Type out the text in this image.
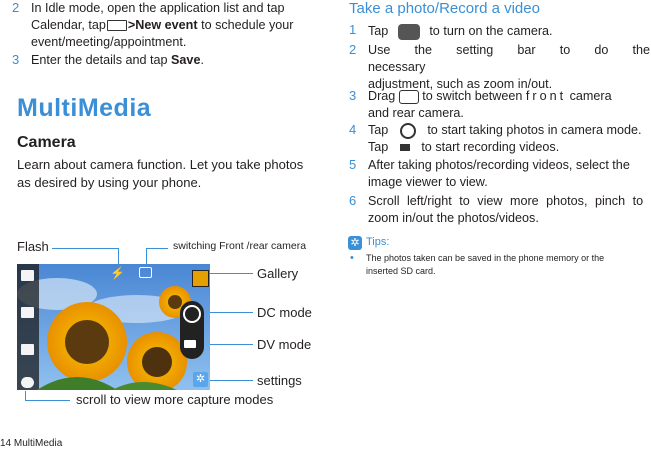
2 In Idle mode, open the application list and tap
Calendar, tap >New event to schedule your
event/meeting/appointment.
3 Enter the details and tap Save.
MultiMedia
Camera
Learn about camera function. Let you take photos
as desired by using your phone.
Flash	switching Front /rear camera
Gallery
DC mode
DV mode
settings
scroll to view more capture modes
⚡
✲
Take a photo/Record a video
1 Tap	to turn on the camera.
2 Use the setting bar to do the necessary
adjustment, such as zoom in/out.
3 Drag to switch between front camera
and rear camera.
4 Tap	to start taking photos in camera mode.
Tap	to start recording videos.
5 After taking photos/recording videos, select the
image viewer to view.
6 Scroll left/right to view more photos, pinch to
zoom in/out the photos/videos.
✲ Tips:
• The photos taken can be saved in the phone memory or the
inserted SD card.
14 MultiMedia
